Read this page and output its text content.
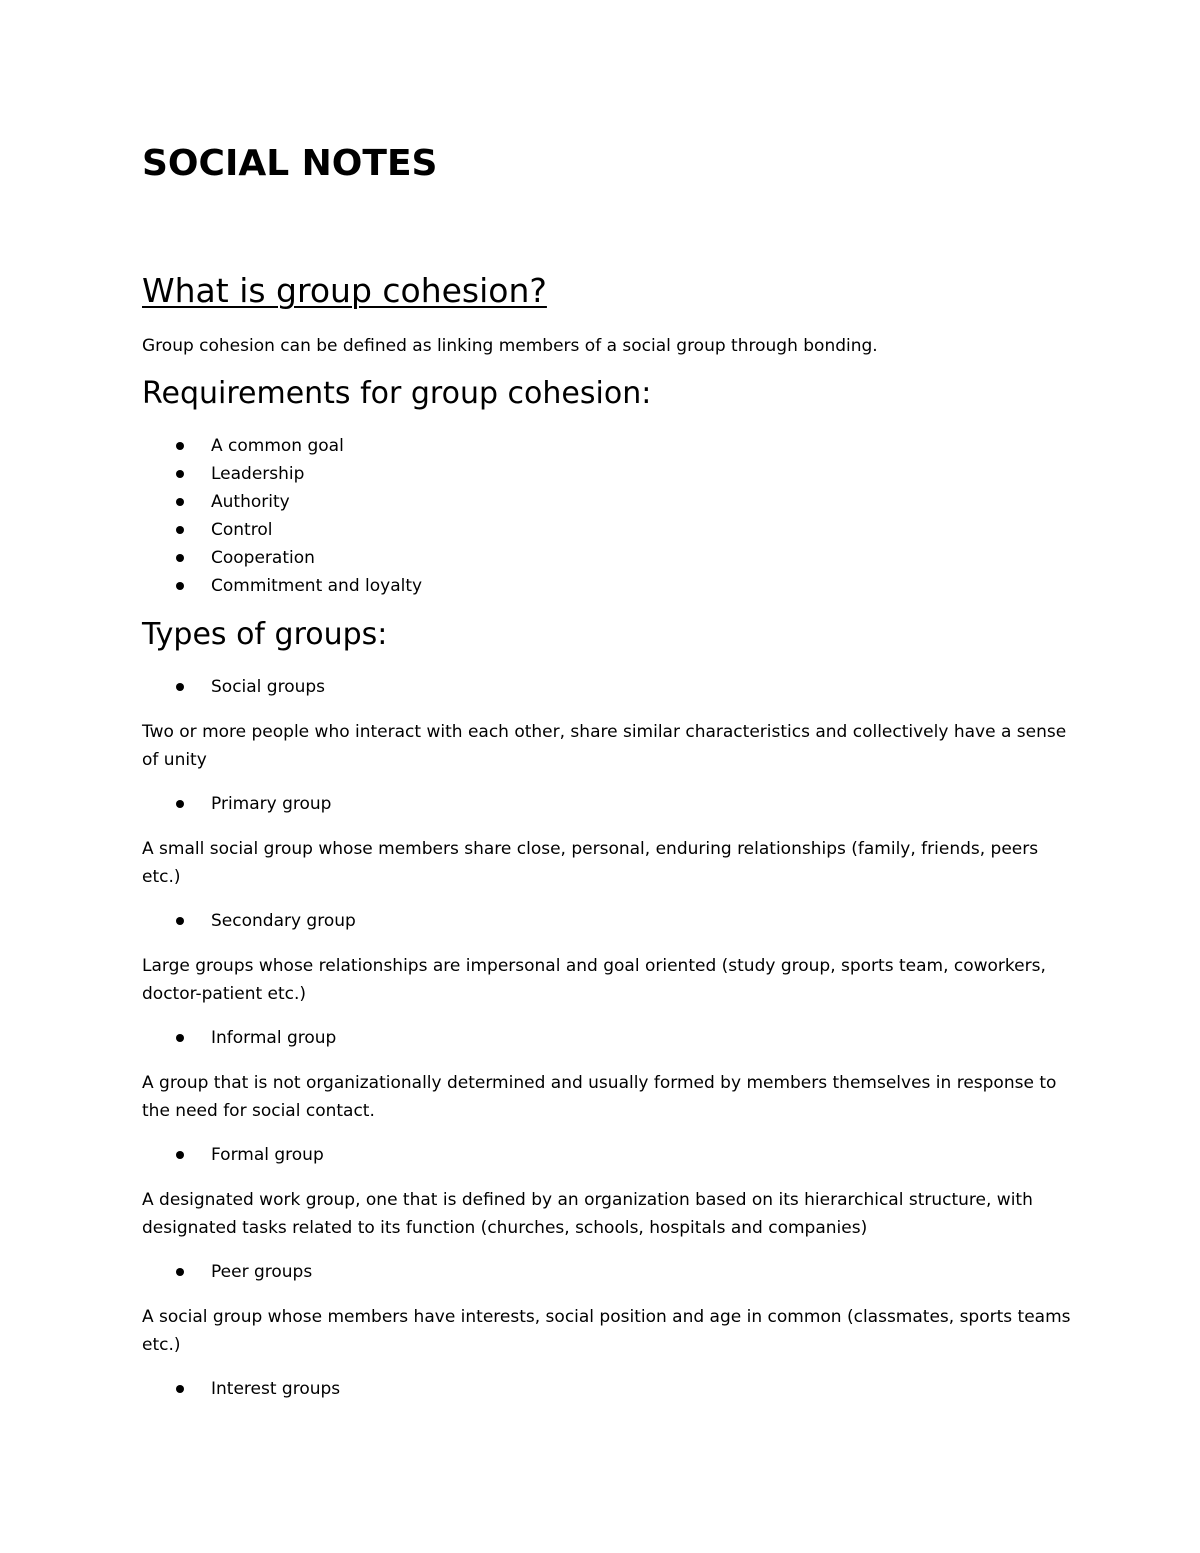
SOCIAL NOTES
What is group cohesion?

Group cohesion can be defined as linking members of a social group through bonding.

Requirements for group cohesion:
A common goal
Leadership
Authority
Control
Cooperation
Commitment and loyalty
Types of groups:
Social groups

Two or more people who interact with each other, share similar characteristics and collectively have a sense of unity

Primary group

A small social group whose members share close, personal, enduring relationships (family, friends, peers etc.)

Secondary group

Large groups whose relationships are impersonal and goal oriented (study group, sports team, coworkers, doctor-patient etc.)

Informal group

A group that is not organizationally determined and usually formed by members themselves in response to the need for social contact.

Formal group

A designated work group, one that is defined by an organization based on its hierarchical structure, with designated tasks related to its function (churches, schools, hospitals and companies)

Peer groups

A social group whose members have interests, social position and age in common (classmates, sports teams etc.)

Interest groups
